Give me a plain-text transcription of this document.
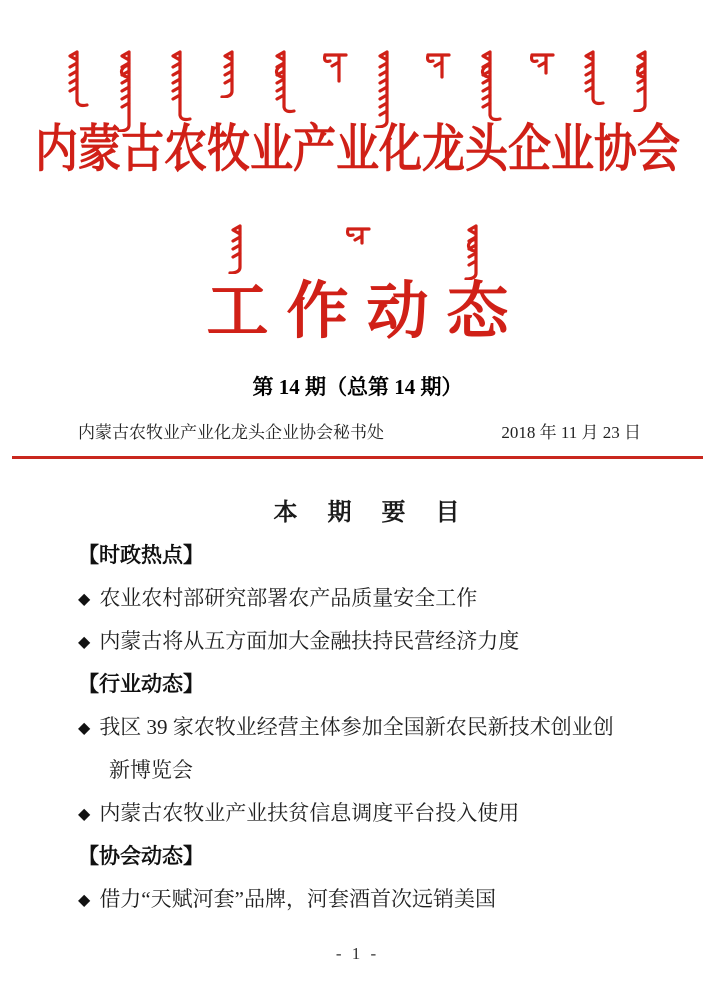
内蒙古农牧业产业化龙头企业协会
工作动态
第 14 期（总第 14 期）
内蒙古农牧业产业化龙头企业协会秘书处	2018 年 11 月 23 日
本 期 要 目
【时政热点】
◆ 农业农村部研究部署农产品质量安全工作
◆ 内蒙古将从五方面加大金融扶持民营经济力度
【行业动态】
◆ 我区 39 家农牧业经营主体参加全国新农民新技术创业创
新博览会
◆ 内蒙古农牧业产业扶贫信息调度平台投入使用
【协会动态】
◆ 借力“天赋河套”品牌，河套酒首次远销美国
- 1 -
